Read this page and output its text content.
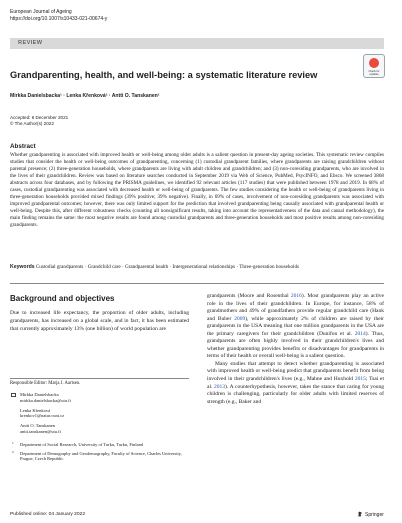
European Journal of Ageing
https://doi.org/10.1007/s10433-021-00674-y
REVIEW
Check for updates
Grandparenting, health, and well-being: a systematic literature review
Mirkka Danielsbacka¹ · Lenka Křenková² · Antti O. Tanskanen¹
Accepted: 6 December 2021
© The Author(s) 2022
Abstract

Whether grandparenting is associated with improved health or well-being among older adults is a salient question in present-day ageing societies. This systematic review compiles studies that consider the health or well-being outcomes of grandparenting, concerning (1) custodial grandparent families, where grandparents are raising grandchildren without parental presence; (2) three-generation households, where grandparents are living with adult children and grandchildren; and (3) non-coresiding grandparents, who are involved in the lives of their grandchildren. Review was based on literature searches conducted in September 2019 via Web of Science, PubMed, PsycINFO, and Ebsco. We screened 3868 abstracts across four databases, and by following the PRISMA guidelines, we identified 92 relevant articles (117 studies) that were published between 1978 and 2019. In 68% of cases, custodial grandparenting was associated with decreased health or well-being of grandparents. The few studies considering the health or well-being of grandparents living in three-generation households provided mixed findings (39% positive; 39% negative). Finally, in 69% of cases, involvement of non-coresiding grandparents was associated with improved grandparental outcomes; however, there was only limited support for the prediction that involved grandparenting being causally associated with grandparental health or well-being. Despite this, after different robustness checks (counting all nonsignificant results, taking into account the representativeness of the data and causal methodology), the main finding remains the same: the most negative results are found among custodial grandparents and three-generation households and most positive results among non-coresiding grandparents.

Keywords Custodial grandparents · Grandchild care · Grandparental health · Intergenerational relationships · Three-generation households
Background and objectives

Due to increased life expectancy, the proportion of older adults, including grandparents, has increased on a global scale, and in fact, it has been estimated that currently approximately 13% (one billion) of world population are

Responsible Editor: Marja J. Aartsen.
Mirkka Danielsbacka
mirkka.danielsbacka@utu.fi
Lenka Křenková
krenkov1@natur.cuni.cz
Antti O. Tanskanen
antti.tanskanen@utu.fi
1 Department of Social Research, University of Turku, Turku, Finland
2 Department of Demography and Geodemography, Faculty of Science, Charles University, Prague, Czech Republic

grandparents (Moore and Rosenthal 2016). Most grandparents play an active role in the lives of their grandchildren. In Europe, for instance, 58% of grandmothers and 49% of grandfathers provide regular grandchild care (Hank and Buber 2009), while approximately 2% of children are raised by their grandparents in the USA meaning that one million grandparents in the USA are the primary caregivers for their grandchildren (Dunifon et al. 2014). Thus, grandparents are often highly involved in their grandchildren's lives and whether grandparenting provides benefits or disadvantages for grandparents in terms of their health or overall well-being is a salient question.

Many studies that attempt to detect whether grandparenting is associated with improved health or well-being predict that grandparents benefit from being involved in their grandchildren's lives (e.g., Mahne and Huxhold 2015; Tsai et al. 2013). A counterhypothesis, however, takes the stance that caring for young children is challenging, particularly for older adults with limited reserves of strength (e.g., Baker and

Published online: 04 January 2022	Springer
